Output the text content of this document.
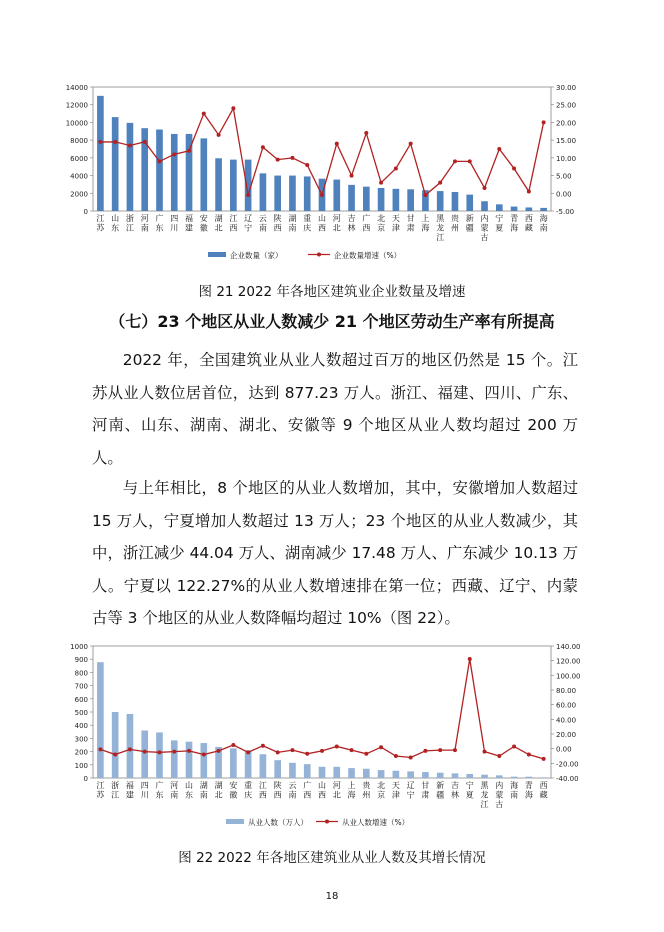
0
2000
4000
6000
8000
10000
12000
14000
-5.00
0.00
5.00
10.00
15.00
20.00
25.00
30.00
江苏
山东
浙江
河南
广东
四川
福建
安徽
湖北
江西
辽宁
云南
陕西
湖南
重庆
山西
河北
吉林
广西
北京
天津
甘肃
上海
黑龙江
贵州
新疆
内蒙古
宁夏
青海
西藏
海南
企业数量（家）	企业数量增速（%）
图 21 2022 年各地区建筑业企业数量及增速
（七）23 个地区从业人数减少 21 个地区劳动生产率有所提高

2022 年，全国建筑业从业人数超过百万的地区仍然是 15 个。江苏从业人数位居首位，达到 877.23 万人。浙江、福建、四川、广东、河南、山东、湖南、湖北、安徽等 9 个地区从业人数均超过 200 万人。

与上年相比，8 个地区的从业人数增加，其中，安徽增加人数超过 15 万人，宁夏增加人数超过 13 万人；23 个地区的从业人数减少，其中，浙江减少 44.04 万人、湖南减少 17.48 万人、广东减少 10.13 万人。宁夏以 122.27%的从业人数增速排在第一位；西藏、辽宁、内蒙古等 3 个地区的从业人数降幅均超过 10%（图 22）。

0
100
200
300
400
500
600
700
800
900
1000
-40.00
-20.00
0.00
20.00
40.00
60.00
80.00
100.00
120.00
140.00
江苏
浙江
福建
四川
广东
河南
山东
湖南
湖北
安徽
重庆
江西
陕西
云南
广西
山西
河北
上海
贵州
北京
天津
辽宁
甘肃
新疆
吉林
宁夏
黑龙江
内蒙古
海南
青海
西藏
从业人数（万人）	从业人数增速（%）
图 22 2022 年各地区建筑业从业人数及其增长情况
18
